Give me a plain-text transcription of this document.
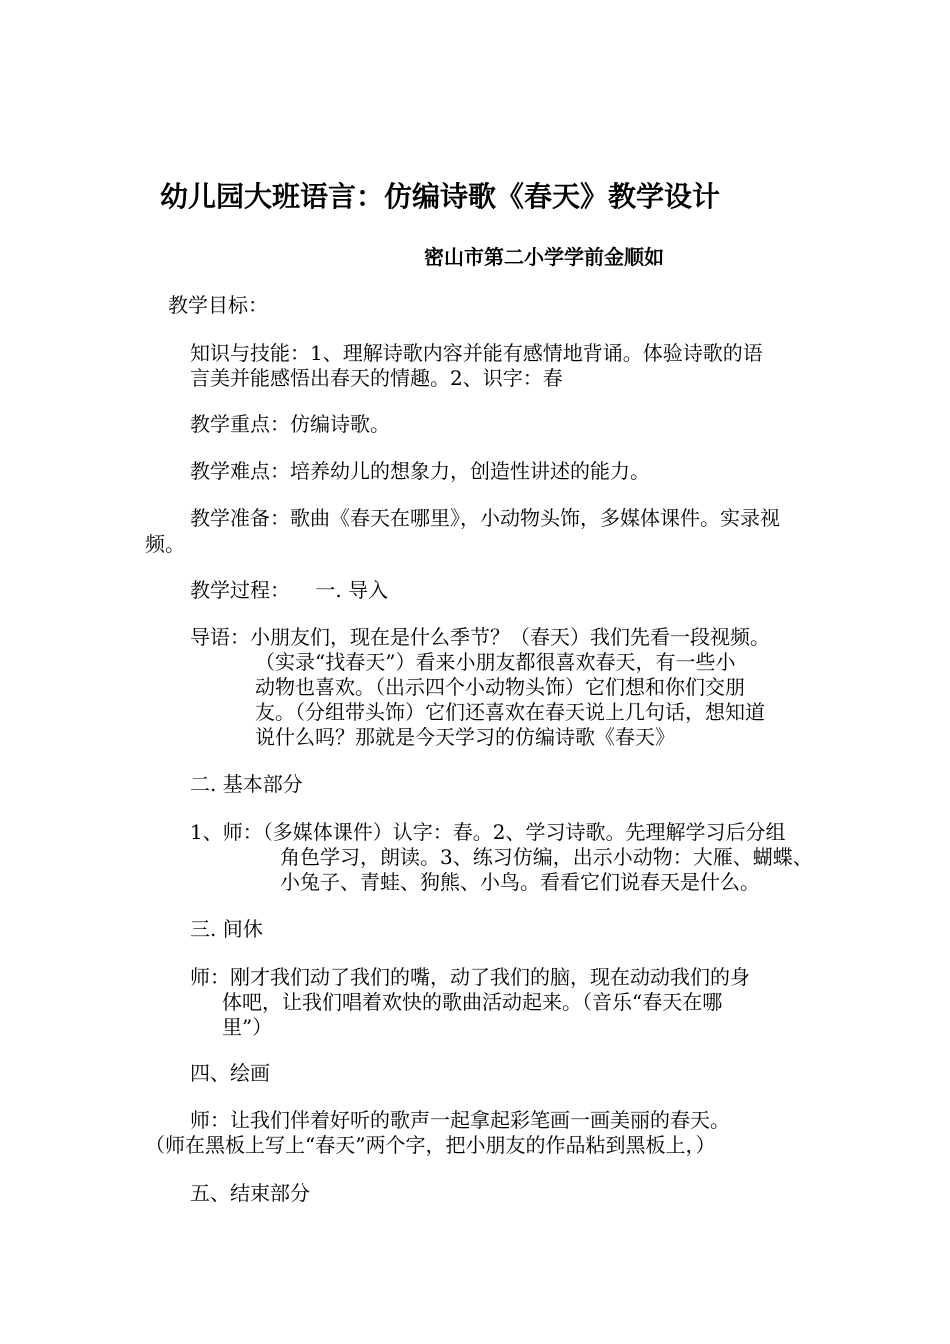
幼儿园大班语言：仿编诗歌《春天》教学设计
密山市第二小学学前金顺如
教学目标：
知识与技能：1、理解诗歌内容并能有感情地背诵。体验诗歌的语
言美并能感悟出春天的情趣。2、识字：春
教学重点：仿编诗歌。
教学难点：培养幼儿的想象力，创造性讲述的能力。
教学准备：歌曲《春天在哪里》，小动物头饰，多媒体课件。实录视
频。
教学过程：    一. 导入
导语：小朋友们，现在是什么季节？（春天）我们先看一段视频。
（实录“找春天”）看来小朋友都很喜欢春天，有一些小
动物也喜欢。（出示四个小动物头饰）它们想和你们交朋
友。（分组带头饰）它们还喜欢在春天说上几句话，想知道
说什么吗？那就是今天学习的仿编诗歌《春天》
二. 基本部分
1、师：（多媒体课件）认字：春。2、学习诗歌。先理解学习后分组
角色学习，朗读。3、练习仿编，出示小动物：大雁、蝴蝶、
小兔子、青蛙、狗熊、小鸟。看看它们说春天是什么。
三. 间休
师：刚才我们动了我们的嘴，动了我们的脑，现在动动我们的身
体吧，让我们唱着欢快的歌曲活动起来。（音乐“春天在哪
里”）
四、绘画
师：让我们伴着好听的歌声一起拿起彩笔画一画美丽的春天。
（师在黑板上写上“春天”两个字，把小朋友的作品粘到黑板上，）
五、结束部分
